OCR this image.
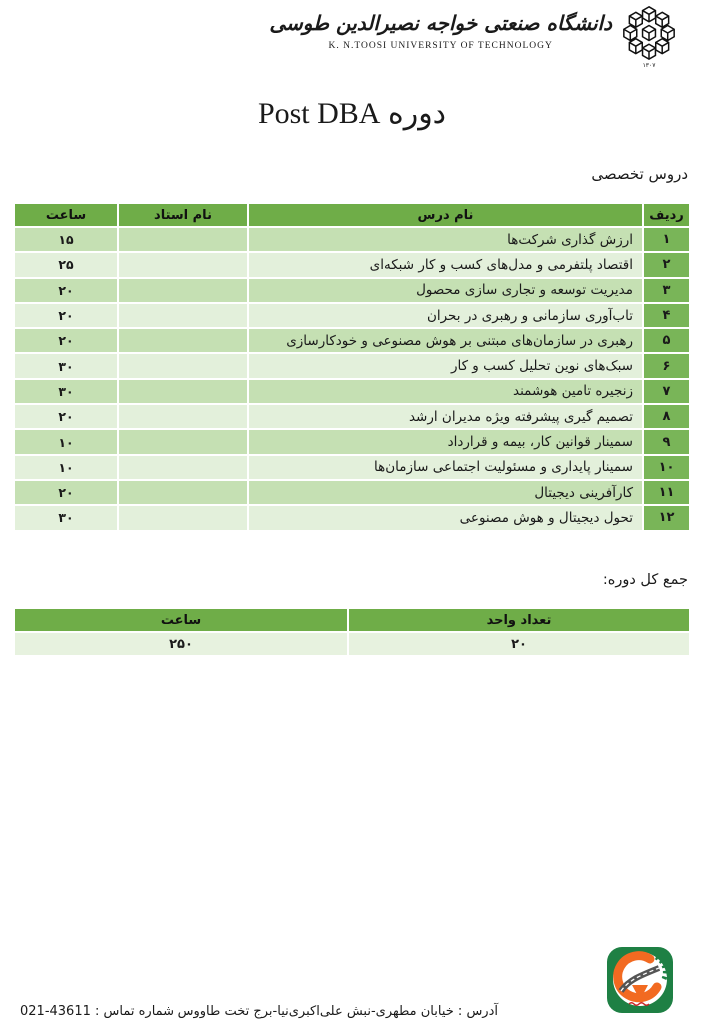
۱۳۰۷
دانشگاه صنعتی خواجه نصیرالدین طوسی
K. N.TOOSI UNIVERSITY OF TECHNOLOGY
دوره Post DBA
دروس تخصصی
ردیف	نام درس	نام استاد	ساعت
۱	ارزش گذاری شرکت‌ها		۱۵
۲	اقتصاد پلتفرمی و مدل‌های کسب و کار شبکه‌ای		۲۵
۳	مدیریت توسعه و تجاری سازی محصول		۲۰
۴	تاب‌آوری سازمانی و رهبری در بحران		۲۰
۵	رهبری در سازمان‌های مبتنی بر هوش مصنوعی و خودکارسازی		۲۰
۶	سبک‌های نوین تحلیل کسب و کار		۳۰
۷	زنجیره تامین هوشمند		۳۰
۸	تصمیم گیری پیشرفته ویژه مدیران ارشد		۲۰
۹	سمینار قوانین کار، بیمه و قرارداد		۱۰
۱۰	سمینار پایداری و مسئولیت اجتماعی سازمان‌ها		۱۰
۱۱	کارآفرینی دیجیتال		۲۰
۱۲	تحول دیجیتال و هوش مصنوعی		۳۰
جمع کل دوره:
تعداد واحد	ساعت
۲۰	۲۵۰
آدرس : خیابان مطهری-نبش علی‌اکبری‌نیا-برج تخت طاووس
شماره تماس : 021-43611
